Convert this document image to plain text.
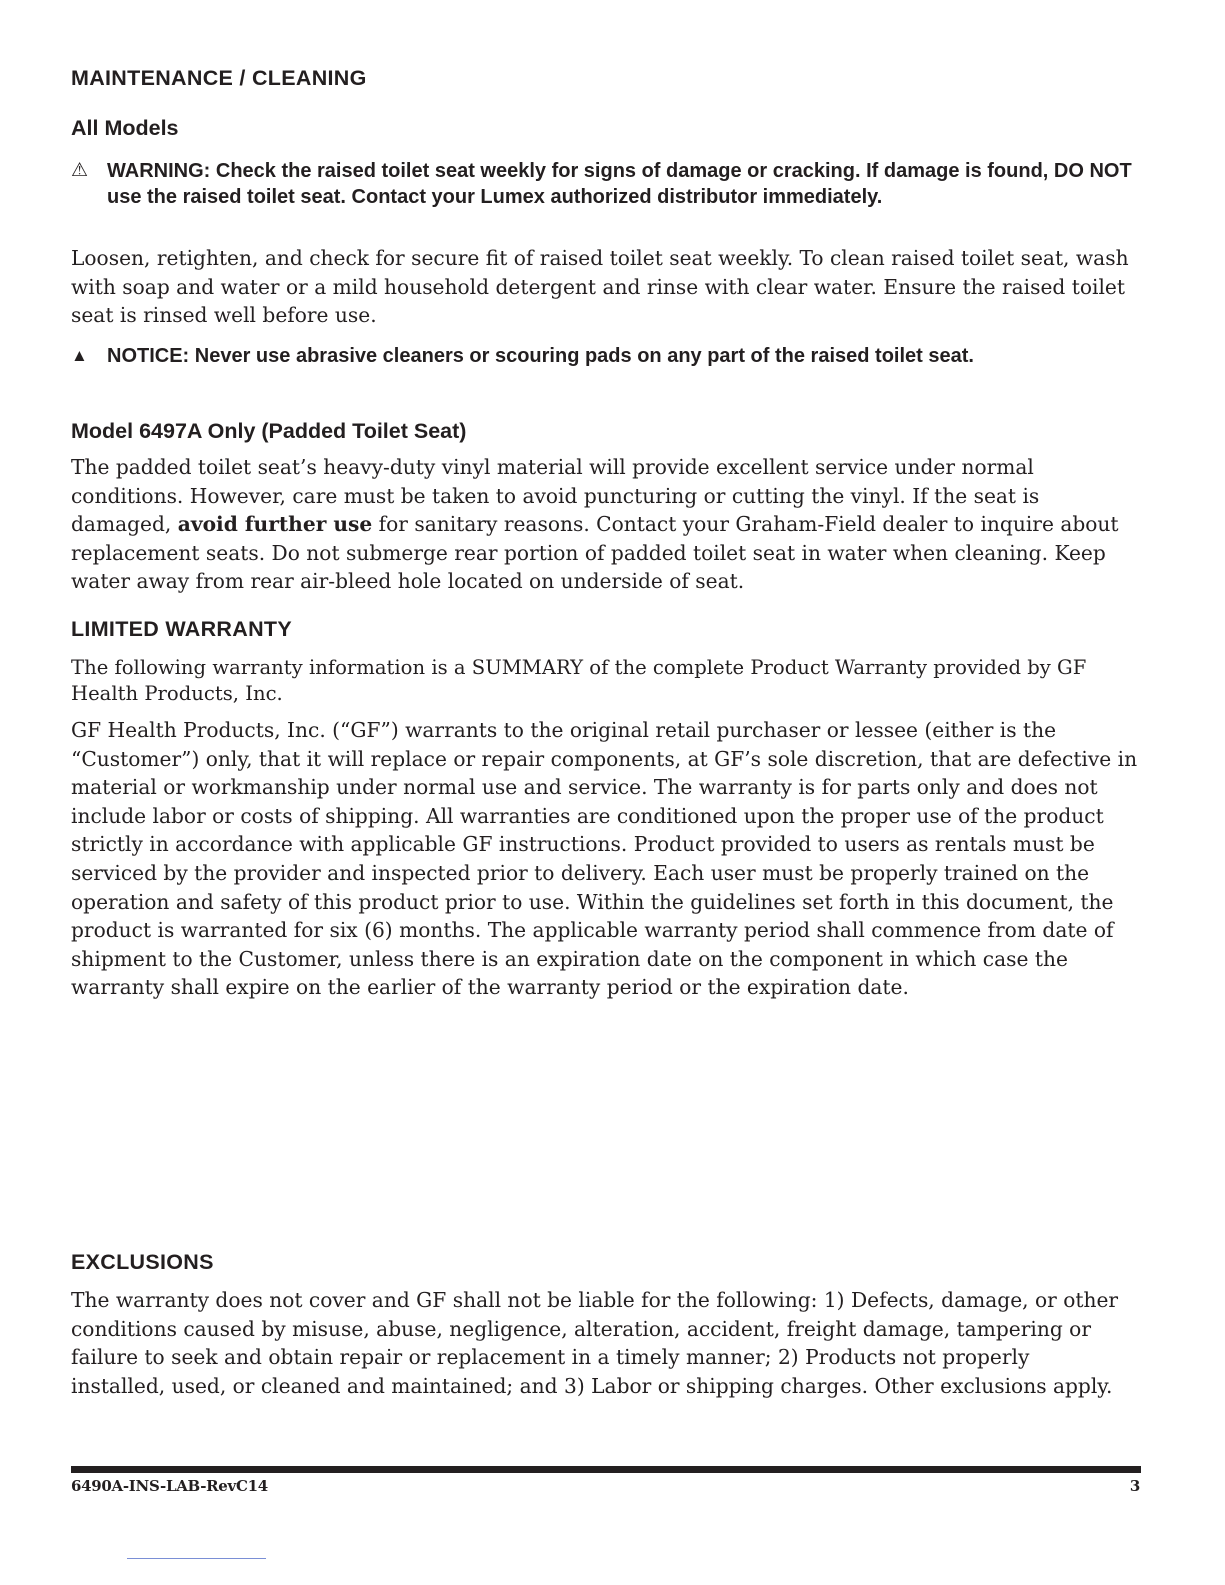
MAINTENANCE / CLEANING
All Models
⚠ WARNING: Check the raised toilet seat weekly for signs of damage or cracking. If damage is found, DO NOT use the raised toilet seat. Contact your Lumex authorized distributor immediately.
Loosen, retighten, and check for secure fit of raised toilet seat weekly. To clean raised toilet seat, wash with soap and water or a mild household detergent and rinse with clear water. Ensure the raised toilet seat is rinsed well before use.
▲ NOTICE: Never use abrasive cleaners or scouring pads on any part of the raised toilet seat.
Model 6497A Only (Padded Toilet Seat)
The padded toilet seat’s heavy-duty vinyl material will provide excellent service under normal conditions. However, care must be taken to avoid puncturing or cutting the vinyl. If the seat is damaged, avoid further use for sanitary reasons. Contact your Graham-Field dealer to inquire about replacement seats. Do not submerge rear portion of padded toilet seat in water when cleaning. Keep water away from rear air-bleed hole located on underside of seat.
LIMITED WARRANTY
The following warranty information is a SUMMARY of the complete Product Warranty provided by GF Health Products, Inc.
GF Health Products, Inc. (“GF”) warrants to the original retail purchaser or lessee (either is the “Customer”) only, that it will replace or repair components, at GF’s sole discretion, that are defective in material or workmanship under normal use and service. The warranty is for parts only and does not include labor or costs of shipping. All warranties are conditioned upon the proper use of the product strictly in accordance with applicable GF instructions. Product provided to users as rentals must be serviced by the provider and inspected prior to delivery. Each user must be properly trained on the operation and safety of this product prior to use. Within the guidelines set forth in this document, the product is warranted for six (6) months. The applicable warranty period shall commence from date of shipment to the Customer, unless there is an expiration date on the component in which case the warranty shall expire on the earlier of the warranty period or the expiration date.
EXCLUSIONS
The warranty does not cover and GF shall not be liable for the following: 1) Defects, damage, or other conditions caused by misuse, abuse, negligence, alteration, accident, freight damage, tampering or failure to seek and obtain repair or replacement in a timely manner; 2) Products not properly installed, used, or cleaned and maintained; and 3) Labor or shipping charges. Other exclusions apply.
6490A-INS-LAB-RevC14	3
